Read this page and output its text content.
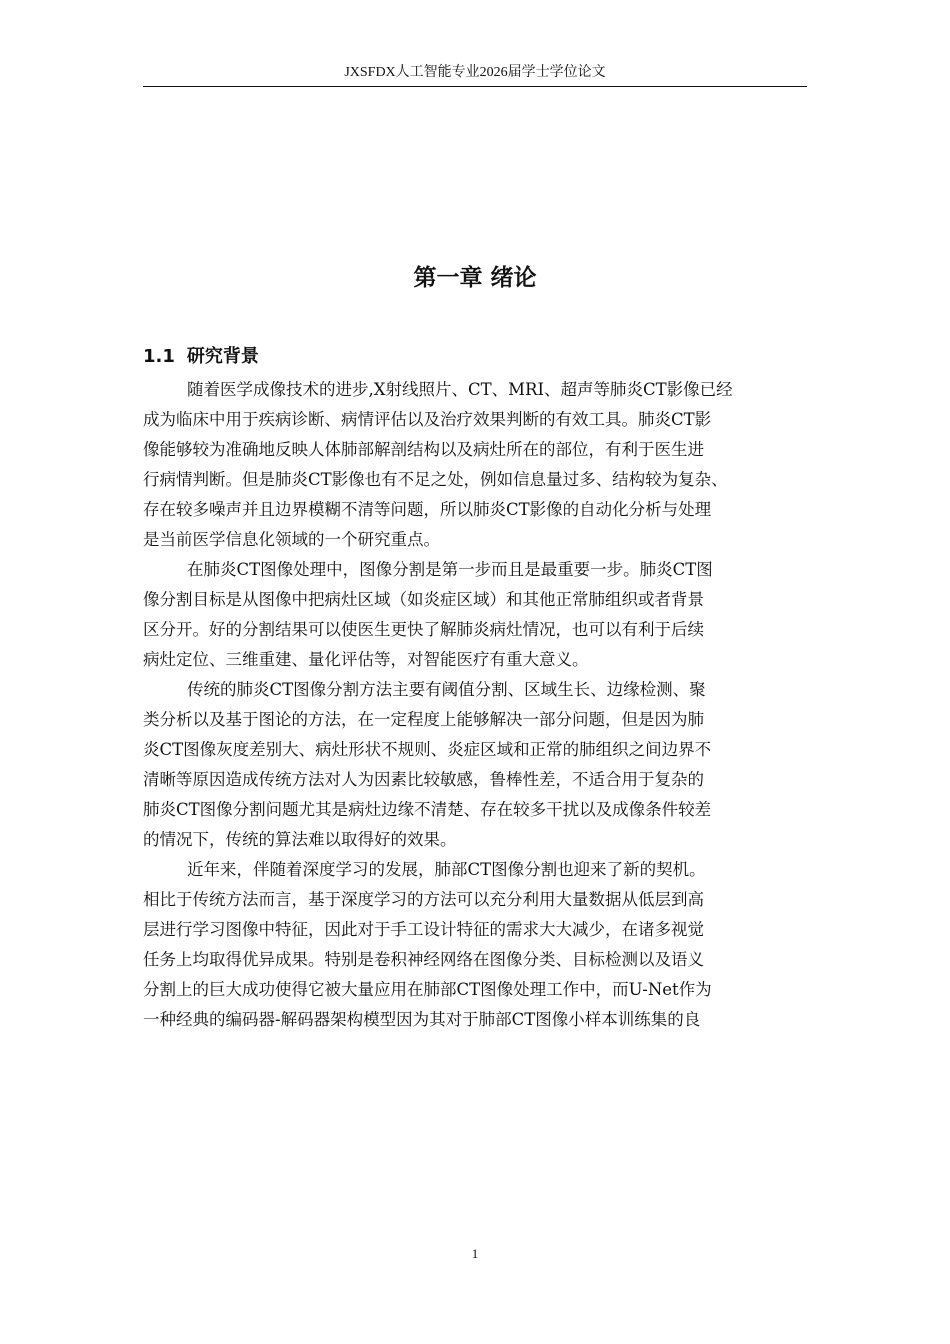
JXSFDX人工智能专业2026届学士学位论文
第一章 绪论
1.1 研究背景
随着医学成像技术的进步,X射线照片、CT、MRI、超声等肺炎CT影像已经
成为临床中用于疾病诊断、病情评估以及治疗效果判断的有效工具。肺炎CT影
像能够较为准确地反映人体肺部解剖结构以及病灶所在的部位，有利于医生进
行病情判断。但是肺炎CT影像也有不足之处，例如信息量过多、结构较为复杂、
存在较多噪声并且边界模糊不清等问题，所以肺炎CT影像的自动化分析与处理
是当前医学信息化领域的一个研究重点。
在肺炎CT图像处理中，图像分割是第一步而且是最重要一步。肺炎CT图
像分割目标是从图像中把病灶区域（如炎症区域）和其他正常肺组织或者背景
区分开。好的分割结果可以使医生更快了解肺炎病灶情况，也可以有利于后续
病灶定位、三维重建、量化评估等，对智能医疗有重大意义。
传统的肺炎CT图像分割方法主要有阈值分割、区域生长、边缘检测、聚
类分析以及基于图论的方法，在一定程度上能够解决一部分问题，但是因为肺
炎CT图像灰度差别大、病灶形状不规则、炎症区域和正常的肺组织之间边界不
清晰等原因造成传统方法对人为因素比较敏感，鲁棒性差，不适合用于复杂的
肺炎CT图像分割问题尤其是病灶边缘不清楚、存在较多干扰以及成像条件较差
的情况下，传统的算法难以取得好的效果。
近年来，伴随着深度学习的发展，肺部CT图像分割也迎来了新的契机。
相比于传统方法而言，基于深度学习的方法可以充分利用大量数据从低层到高
层进行学习图像中特征，因此对于手工设计特征的需求大大减少，在诸多视觉
任务上均取得优异成果。特别是卷积神经网络在图像分类、目标检测以及语义
分割上的巨大成功使得它被大量应用在肺部CT图像处理工作中，而U-Net作为
一种经典的编码器-解码器架构模型因为其对于肺部CT图像小样本训练集的良
1
